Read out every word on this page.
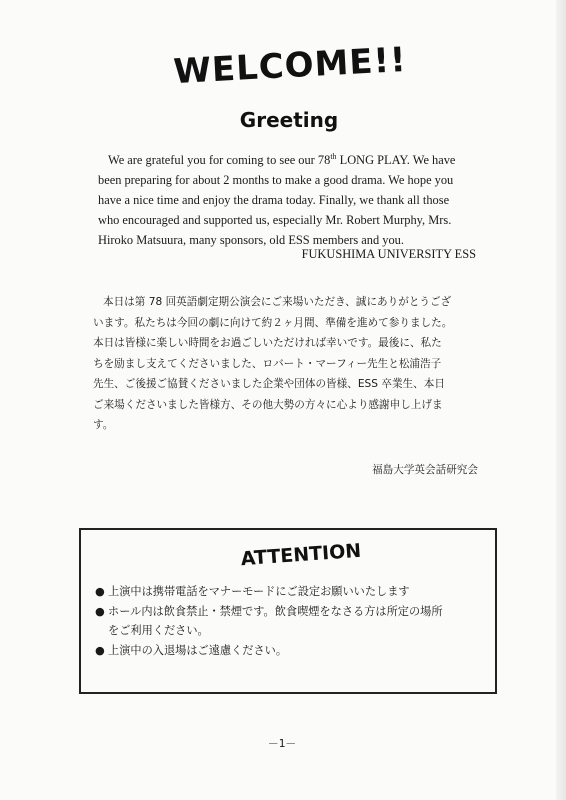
WELCOME!!
Greeting
We are grateful you for coming to see our 78th LONG PLAY. We have
been preparing for about 2 months to make a good drama. We hope you
have a nice time and enjoy the drama today. Finally, we thank all those
who encouraged and supported us, especially Mr. Robert Murphy, Mrs.
Hiroko Matsuura, many sponsors, old ESS members and you.
FUKUSHIMA UNIVERSITY ESS
本日は第 78 回英語劇定期公演会にご来場いただき、誠にありがとうござ
います。私たちは今回の劇に向けて約２ヶ月間、準備を進めて参りました。
本日は皆様に楽しい時間をお過ごしいただければ幸いです。最後に、私た
ちを励まし支えてくださいました、ロバート・マーフィー先生と松浦浩子
先生、ご後援ご協賛くださいました企業や団体の皆様、ESS 卒業生、本日
ご来場くださいました皆様方、その他大勢の方々に心より感謝申し上げま
す。
福島大学英会話研究会
ATTENTION
● 上演中は携帯電話をマナーモードにご設定お願いいたします
● ホール内は飲食禁止・禁煙です。飲食喫煙をなさる方は所定の場所
をご利用ください。
● 上演中の入退場はご遠慮ください。
－1－
